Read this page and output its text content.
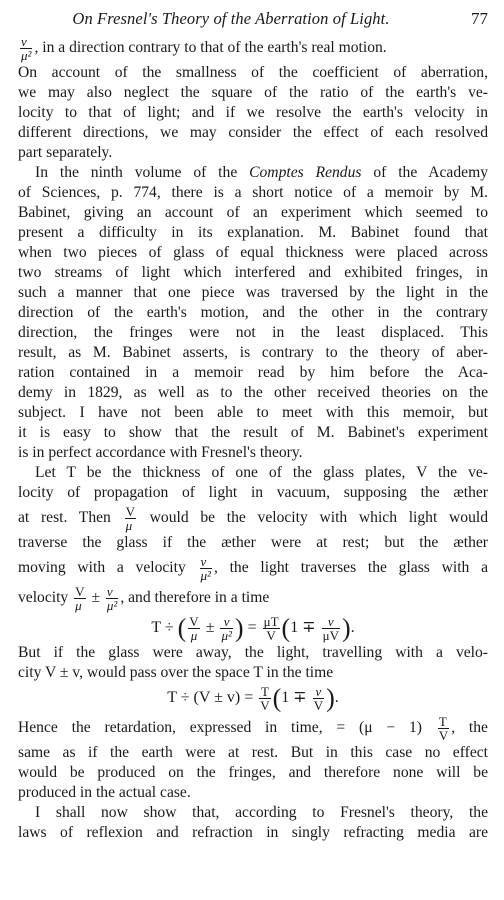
On Fresnel's Theory of the Aberration of Light.	77
$\frac{v}{\text{μ²}}$ , in a direction contrary to that of the earth's real motion.
On account of the smallness of the coefficient of aberration,
we may also neglect the square of the ratio of the earth's ve-
locity to that of light; and if we resolve the earth's velocity in
different directions, we may consider the effect of each resolved
part separately.
In the ninth volume of the Comptes Rendus of the Academy
of Sciences, p. 774, there is a short notice of a memoir by M.
Babinet, giving an account of an experiment which seemed to
present a difficulty in its explanation. M. Babinet found that
when two pieces of glass of equal thickness were placed across
two streams of light which interfered and exhibited fringes, in
such a manner that one piece was traversed by the light in the
direction of the earth's motion, and the other in the contrary
direction, the fringes were not in the least displaced. This
result, as M. Babinet asserts, is contrary to the theory of aber-
ration contained in a memoir read by him before the Aca-
demy in 1829, as well as to the other received theories on the
subject. I have not been able to meet with this memoir, but
it is easy to show that the result of M. Babinet's experiment
is in perfect accordance with Fresnel's theory.
Let T be the thickness of one of the glass plates, V the ve-
locity of propagation of light in vacuum, supposing the æther
at rest. Then $\frac{V}{\mu}$ would be the velocity with which light would
traverse the glass if the æther were at rest; but the æther
moving with a velocity $\frac{v}{\text{μ²}}$ , the light traverses the glass with a
velocity $\frac{V}{\mu} \pm \frac{v}{\text{μ²}}$ , and therefore in a time
T ÷ ( $\frac{V}{\mu} \pm \frac{v}{\text{μ²}}$ ) = $\frac{\mu T}{V} (1 \mp \frac{v}{\mu V}$ ).
But if the glass were away, the light, travelling with a velo-
city V ± v, would pass over the space T in the time
$T \div (V \pm v) = \frac{T}{V} (1 \mp \frac{v}{V}$ ).
Hence the retardation, expressed in time, = $(\mu - 1) \frac{T}{V}$ , the
same as if the earth were at rest. But in this case no effect
would be produced on the fringes, and therefore none will be
produced in the actual case.
I shall now show that, according to Fresnel's theory, the
laws of reflexion and refraction in singly refracting media are
